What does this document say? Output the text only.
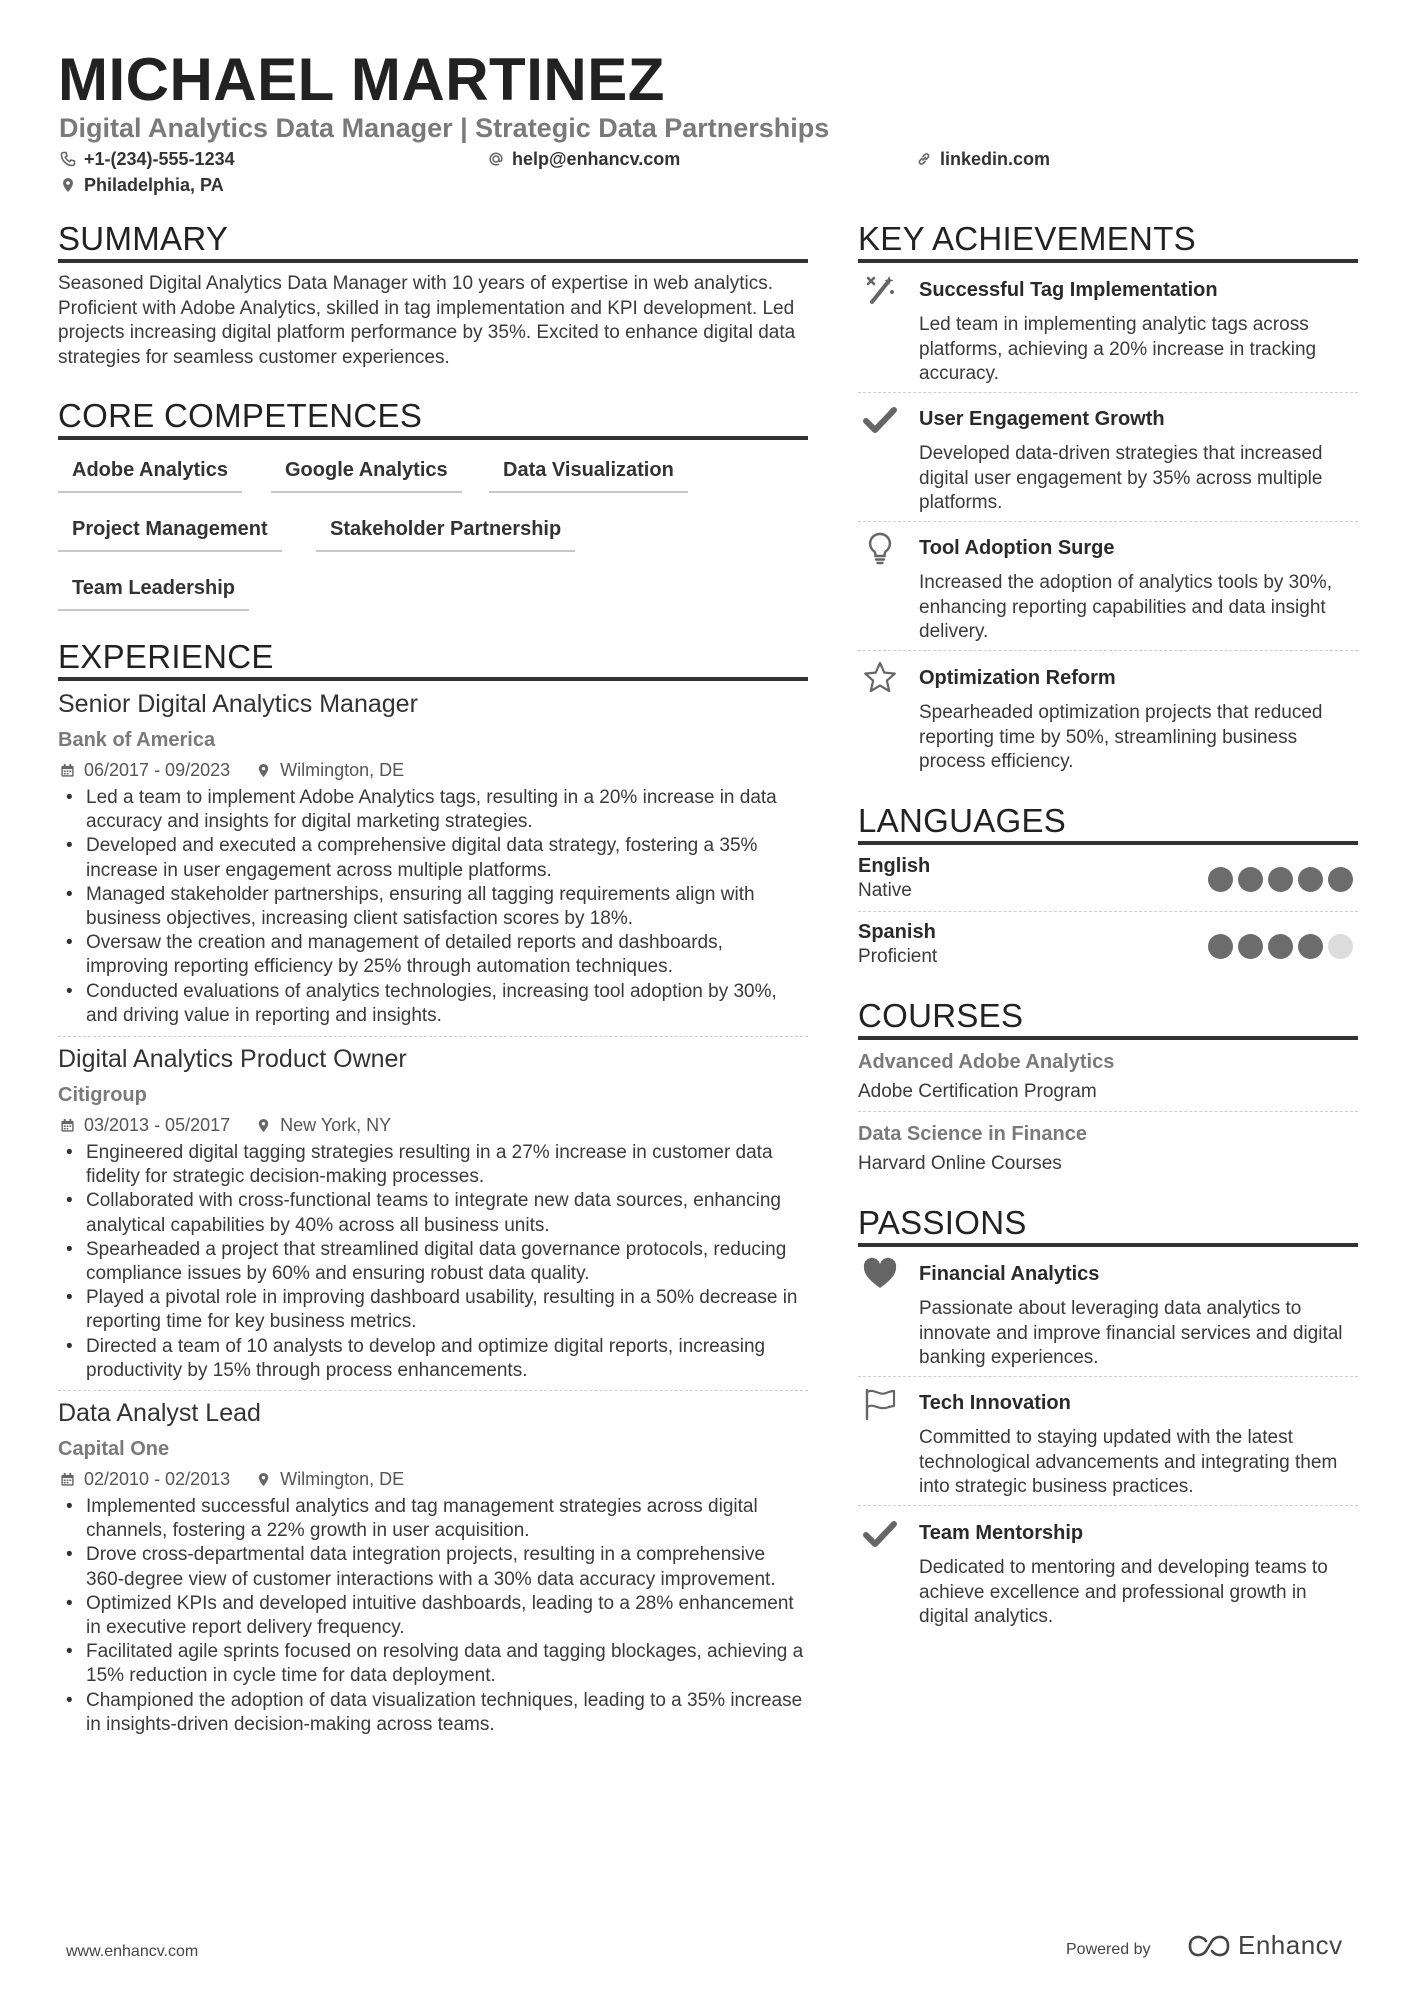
MICHAEL MARTINEZ
Digital Analytics Data Manager | Strategic Data Partnerships
+1-(234)-555-1234	help@enhancv.com	linkedin.com
Philadelphia, PA
SUMMARY
Seasoned Digital Analytics Data Manager with 10 years of expertise in web analytics. Proficient with Adobe Analytics, skilled in tag implementation and KPI development. Led projects increasing digital platform performance by 35%. Excited to enhance digital data strategies for seamless customer experiences.
CORE COMPETENCES
Adobe Analytics	Google Analytics	Data Visualization
Project Management	Stakeholder Partnership
Team Leadership
EXPERIENCE
Senior Digital Analytics Manager
Bank of America
06/2017 - 09/2023	Wilmington, DE
• Led a team to implement Adobe Analytics tags, resulting in a 20% increase in data accuracy and insights for digital marketing strategies.
• Developed and executed a comprehensive digital data strategy, fostering a 35% increase in user engagement across multiple platforms.
• Managed stakeholder partnerships, ensuring all tagging requirements align with business objectives, increasing client satisfaction scores by 18%.
• Oversaw the creation and management of detailed reports and dashboards, improving reporting efficiency by 25% through automation techniques.
• Conducted evaluations of analytics technologies, increasing tool adoption by 30%, and driving value in reporting and insights.
Digital Analytics Product Owner
Citigroup
03/2013 - 05/2017	New York, NY
• Engineered digital tagging strategies resulting in a 27% increase in customer data fidelity for strategic decision-making processes.
• Collaborated with cross-functional teams to integrate new data sources, enhancing analytical capabilities by 40% across all business units.
• Spearheaded a project that streamlined digital data governance protocols, reducing compliance issues by 60% and ensuring robust data quality.
• Played a pivotal role in improving dashboard usability, resulting in a 50% decrease in reporting time for key business metrics.
• Directed a team of 10 analysts to develop and optimize digital reports, increasing productivity by 15% through process enhancements.
Data Analyst Lead
Capital One
02/2010 - 02/2013	Wilmington, DE
• Implemented successful analytics and tag management strategies across digital channels, fostering a 22% growth in user acquisition.
• Drove cross-departmental data integration projects, resulting in a comprehensive 360-degree view of customer interactions with a 30% data accuracy improvement.
• Optimized KPIs and developed intuitive dashboards, leading to a 28% enhancement in executive report delivery frequency.
• Facilitated agile sprints focused on resolving data and tagging blockages, achieving a 15% reduction in cycle time for data deployment.
• Championed the adoption of data visualization techniques, leading to a 35% increase in insights-driven decision-making across teams.
KEY ACHIEVEMENTS
Successful Tag Implementation
Led team in implementing analytic tags across platforms, achieving a 20% increase in tracking accuracy.
User Engagement Growth
Developed data-driven strategies that increased digital user engagement by 35% across multiple platforms.
Tool Adoption Surge
Increased the adoption of analytics tools by 30%, enhancing reporting capabilities and data insight delivery.
Optimization Reform
Spearheaded optimization projects that reduced reporting time by 50%, streamlining business process efficiency.
LANGUAGES
English
Native
Spanish
Proficient
COURSES
Advanced Adobe Analytics
Adobe Certification Program
Data Science in Finance
Harvard Online Courses
PASSIONS
Financial Analytics
Passionate about leveraging data analytics to innovate and improve financial services and digital banking experiences.
Tech Innovation
Committed to staying updated with the latest technological advancements and integrating them into strategic business practices.
Team Mentorship
Dedicated to mentoring and developing teams to achieve excellence and professional growth in digital analytics.
www.enhancv.com	Powered by	Enhancv
